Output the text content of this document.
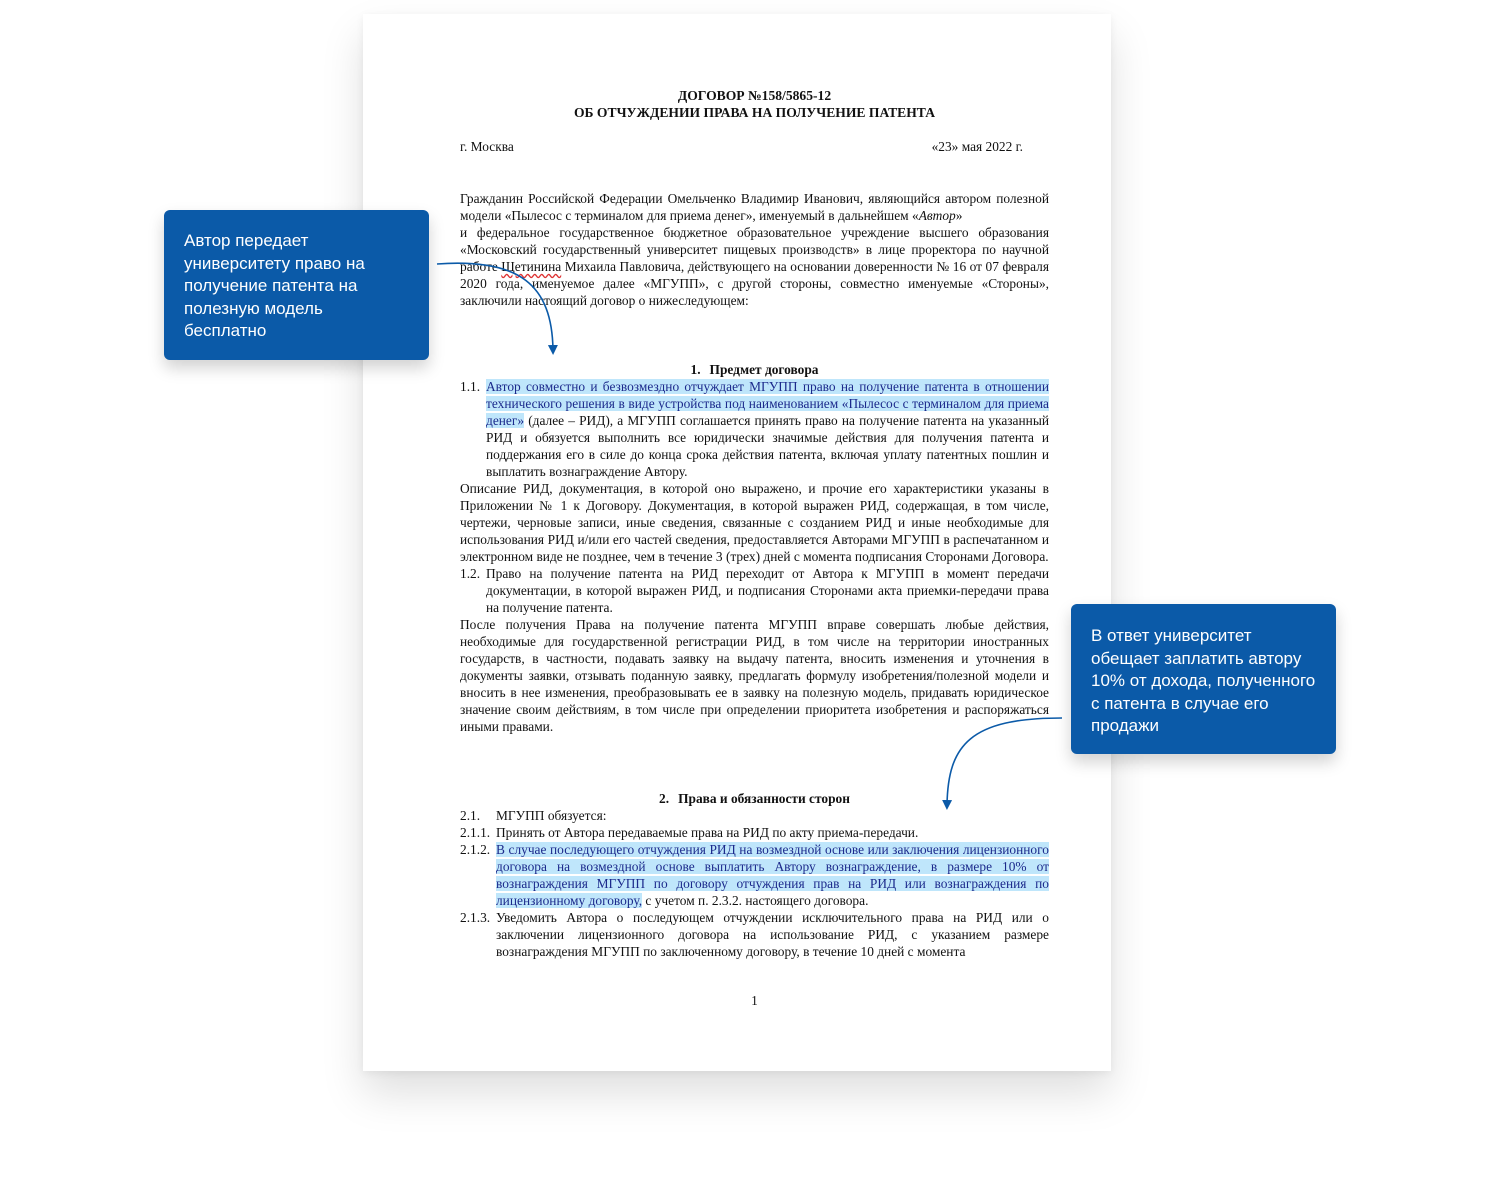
ДОГОВОР №158/5865-12
ОБ ОТЧУЖДЕНИИ ПРАВА НА ПОЛУЧЕНИЕ ПАТЕНТА
г. Москва	«23» мая 2022 г.

Гражданин Российской Федерации Омельченко Владимир Иванович, являющийся автором полезной модели «Пылесос с терминалом для приема денег», именуемый в дальнейшем «Автор»

и федеральное государственное бюджетное образовательное учреждение высшего образования «Московский государственный университет пищевых производств» в лице проректора по научной работе Щетинина Михаила Павловича, действующего на основании доверенности № 16 от 07 февраля 2020 года, именуемое далее «МГУПП», с другой стороны, совместно именуемые «Стороны», заключили настоящий договор о нижеследующем:

1. Предмет договора

1.1. Автор совместно и безвозмездно отчуждает МГУПП право на получение патента в отношении технического решения в виде устройства под наименованием «Пылесос с терминалом для приема денег» (далее – РИД), а МГУПП соглашается принять право на получение патента на указанный РИД и обязуется выполнить все юридически значимые действия для получения патента и поддержания его в силе до конца срока действия патента, включая уплату патентных пошлин и выплатить вознаграждение Автору.

Описание РИД, документация, в которой оно выражено, и прочие его характеристики указаны в Приложении № 1 к Договору. Документация, в которой выражен РИД, содержащая, в том числе, чертежи, черновые записи, иные сведения, связанные с созданием РИД и иные необходимые для использования РИД и/или его частей сведения, предоставляется Авторами МГУПП в распечатанном и электронном виде не позднее, чем в течение 3 (трех) дней с момента подписания Сторонами Договора.

1.2. Право на получение патента на РИД переходит от Автора к МГУПП в момент передачи документации, в которой выражен РИД, и подписания Сторонами акта приемки-передачи права на получение патента.

После получения Права на получение патента МГУПП вправе совершать любые действия, необходимые для государственной регистрации РИД, в том числе на территории иностранных государств, в частности, подавать заявку на выдачу патента, вносить изменения и уточнения в документы заявки, отзывать поданную заявку, предлагать формулу изобретения/полезной модели и вносить в нее изменения, преобразовывать ее в заявку на полезную модель, придавать юридическое значение своим действиям, в том числе при определении приоритета изобретения и распоряжаться иными правами.

2. Права и обязанности сторон

2.1.	МГУПП обязуется:
2.1.1. Принять от Автора передаваемые права на РИД по акту приема-передачи.
2.1.2. В случае последующего отчуждения РИД на возмездной основе или заключения лицензионного договора на возмездной основе выплатить Автору вознаграждение, в размере 10% от вознаграждения МГУПП по договору отчуждения прав на РИД или вознаграждения по лицензионному договору, с учетом п. 2.3.2. настоящего договора.
2.1.3. Уведомить Автора о последующем отчуждении исключительного права на РИД или о заключении лицензионного договора на использование РИД, с указанием размере вознаграждения МГУПП по заключенному договору, в течение 10 дней с момента
1
Автор передает университету право на получение патента на полезную модель бесплатно
В ответ университет обещает заплатить автору 10% от дохода, полученного с патента в случае его продажи
